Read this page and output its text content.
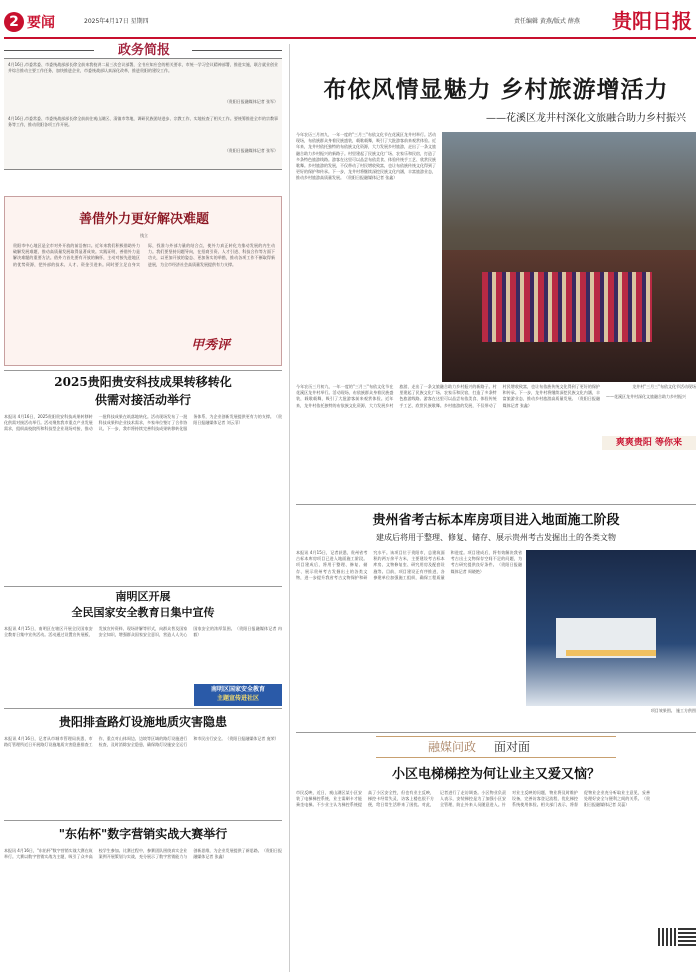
2 要闻	2025年4月17日 星期四	责任编辑 黄燕/版式 薛燕 贵阳日报
政务简报
4月16日,市委常委、市委统战部部长徐全前来我校讲二届三次会议部署，全书应知应会的相关要求，市统一学习会议精神部署，推进实施，联合就业创业并综合推动主要工作任务，加快推进企业，市委统战部认真深化改革，推进贵阳的建设工作。
（贵阳日报融媒体记者 张军）
4月16日,市委常委、市委统战部部长徐全前前往观山湖区、清镇市等地，调研民族团结进步、宗教工作，实地检查了相关工作。要统筹推进全市的宗教事务等工作，推动贵阳各项工作开展。
（贵阳日报融媒体记者 张军）
善借外力更好解决难题
钱立
贵阳市中心地区是全市对外开放的前沿窗口。近年来我们积极借助外力破解发展难题，推动高质量发展取得显著成效。实践证明，善借外力是解决难题的重要方法。借外力首先要有开放的胸怀，主动对接先进地区的优势资源，把外部的技术、人才、资金引进来。同时要立足自身实际，找准与外部力量的结合点，使外力真正转化为推动发展的内生动力。我们要坚持问题导向，在招商引资、人才引进、科技合作等方面下功夫，以更加开放的姿态、更加务实的举措，推动各项工作不断取得新进展，为全市经济社会高质量发展提供有力支撑。
甲秀评
2025贵阳贵安科技成果转移转化
供需对接活动举行
本报讯 4月16日，2025贵阳贵安科技成果转移转化供需对接活动举行。活动聚焦我市重点产业发展需求，组织高校院所和科技型企业现场对接，推动一批科技成果在筑落地转化。活动现场发布了一批科技成果和企业技术需求，多家单位签订了合作协议。下一步，我市将持续完善科技成果转移转化服务体系，为企业创新发展提供更有力的支撑。（贵阳日报融媒体记者 刘云菲）
南明区开展
全民国家安全教育日集中宣传
本报讯 4月15日，南明区在辖区开展全民国家安全教育日集中宣传活动。活动通过设置宣传展板、发放宣传资料、现场讲解等形式，向群众普及国家安全知识，增强群众国家安全意识，营造人人关心国家安全的浓厚氛围。（贵阳日报融媒体记者 冉毅）
南明区国家安全教育
主题宣传进社区
贵阳排查路灯设施地质灾害隐患
本报讯 4月16日，记者从市城市管理局获悉，市路灯管理所近日开展路灯设施地质灾害隐患排查工作，重点对山体周边、边坡等区域的路灯设施进行检查，及时消除安全隐患，确保路灯设施安全运行和市民出行安全。（贵阳日报融媒体记者 庞荣）
"东佑杯"数字营销实战大赛举行
本报讯 4月16日，"东佑杯"数字营销实战大赛在筑举行。大赛以数字营销实战为主题，吸引了众多高校学生参加。比赛过程中，参赛团队围绕真实企业案例开展策划与实战，充分展示了数字营销能力与创新思维，为企业发展提供了新思路。（贵阳日报融媒体记者 张鑫）
布依风情显魅力 乡村旅游增活力
——花溪区龙井村深化文旅融合助力乡村振兴
今年农历三月初九，一年一度的"三月三"布依文化节在花溪区龙井村举行。活动现场，布依族群众身着民族盛装，载歌载舞，吸引了大批游客前来观赏体验。近年来，龙井村依托独特的布依族文化资源，大力发展乡村旅游，走出了一条文旅融合助力乡村振兴的新路子。村里建起了民族文化广场、农家乐和民宿，打造了多条特色旅游线路。游客在这里可以品尝布依美食、体验传统手工艺、欣赏民族歌舞。乡村旅游的发展，不仅带动了村民增收致富，也让布依族传统文化得到了更好的保护和传承。下一步，龙井村将继续深挖民族文化内涵，丰富旅游业态，推动乡村旅游高质量发展。（贵阳日报融媒体记者 张鑫）
龙井村"三月三"布依文化节活动现场
今年农历三月初九，一年一度的"三月三"布依文化节在花溪区龙井村举行。活动现场，布依族群众身着民族盛装，载歌载舞，吸引了大批游客前来观赏体验。近年来，龙井村依托独特的布依族文化资源，大力发展乡村旅游，走出了一条文旅融合助力乡村振兴的新路子。村里建起了民族文化广场、农家乐和民宿，打造了多条特色旅游线路。游客在这里可以品尝布依美食、体验传统手工艺、欣赏民族歌舞。乡村旅游的发展，不仅带动了村民增收致富，也让布依族传统文化得到了更好的保护和传承。下一步，龙井村将继续深挖民族文化内涵，丰富旅游业态，推动乡村旅游高质量发展。（贵阳日报融媒体记者 张鑫）
——花溪区龙井村深化文旅融合助力乡村振兴
爽爽贵阳 等你来
贵州省考古标本库房项目进入地面施工阶段
建成后将用于整理、修复、储存、展示贵州考古发掘出土的各类文物
本报讯 4月15日，记者获悉，贵州省考古标本库房项目已进入地面施工阶段。项目建成后，将用于整理、修复、储存、展示贵州考古发掘出土的各类文物，进一步提升我省考古文物保护和研究水平。该项目位于贵阳市，总建筑面积约两万余平方米，主要建设考古标本库房、文物修复室、研究用房及配套设施等。目前，项目建设正有序推进，各参建单位加强施工组织，确保工程质量和进度。项目建成后，将有效解决我省考古出土文物保存空间不足的问题，为考古研究提供良好条件。（贵阳日报融媒体记者 周晓艳）
项目效果图。 施工方供图
融媒问政 面对面
小区电梯梯控为何让业主又爱又恼？
市民反映，近日，观山湖区某小区安装了电梯梯控系统，业主需刷卡才能乘坐电梯。不少业主认为梯控系统提高了小区安全性，但也有业主反映，梯控卡经常失灵，访客上楼也很不方便，给日常生活带来了困扰。对此，记者进行了走访调查。小区物业负责人表示，安装梯控是为了加强小区安全管理，防止外来人员随意进入。针对业主反映的问题，物业将及时维护设备，完善访客登记流程，优化梯控系统使用体验。相关部门表示，将督促物业企业充分听取业主意见，妥善处理好安全与便利之间的关系。（贵阳日报融媒体记者 吴蕊）
